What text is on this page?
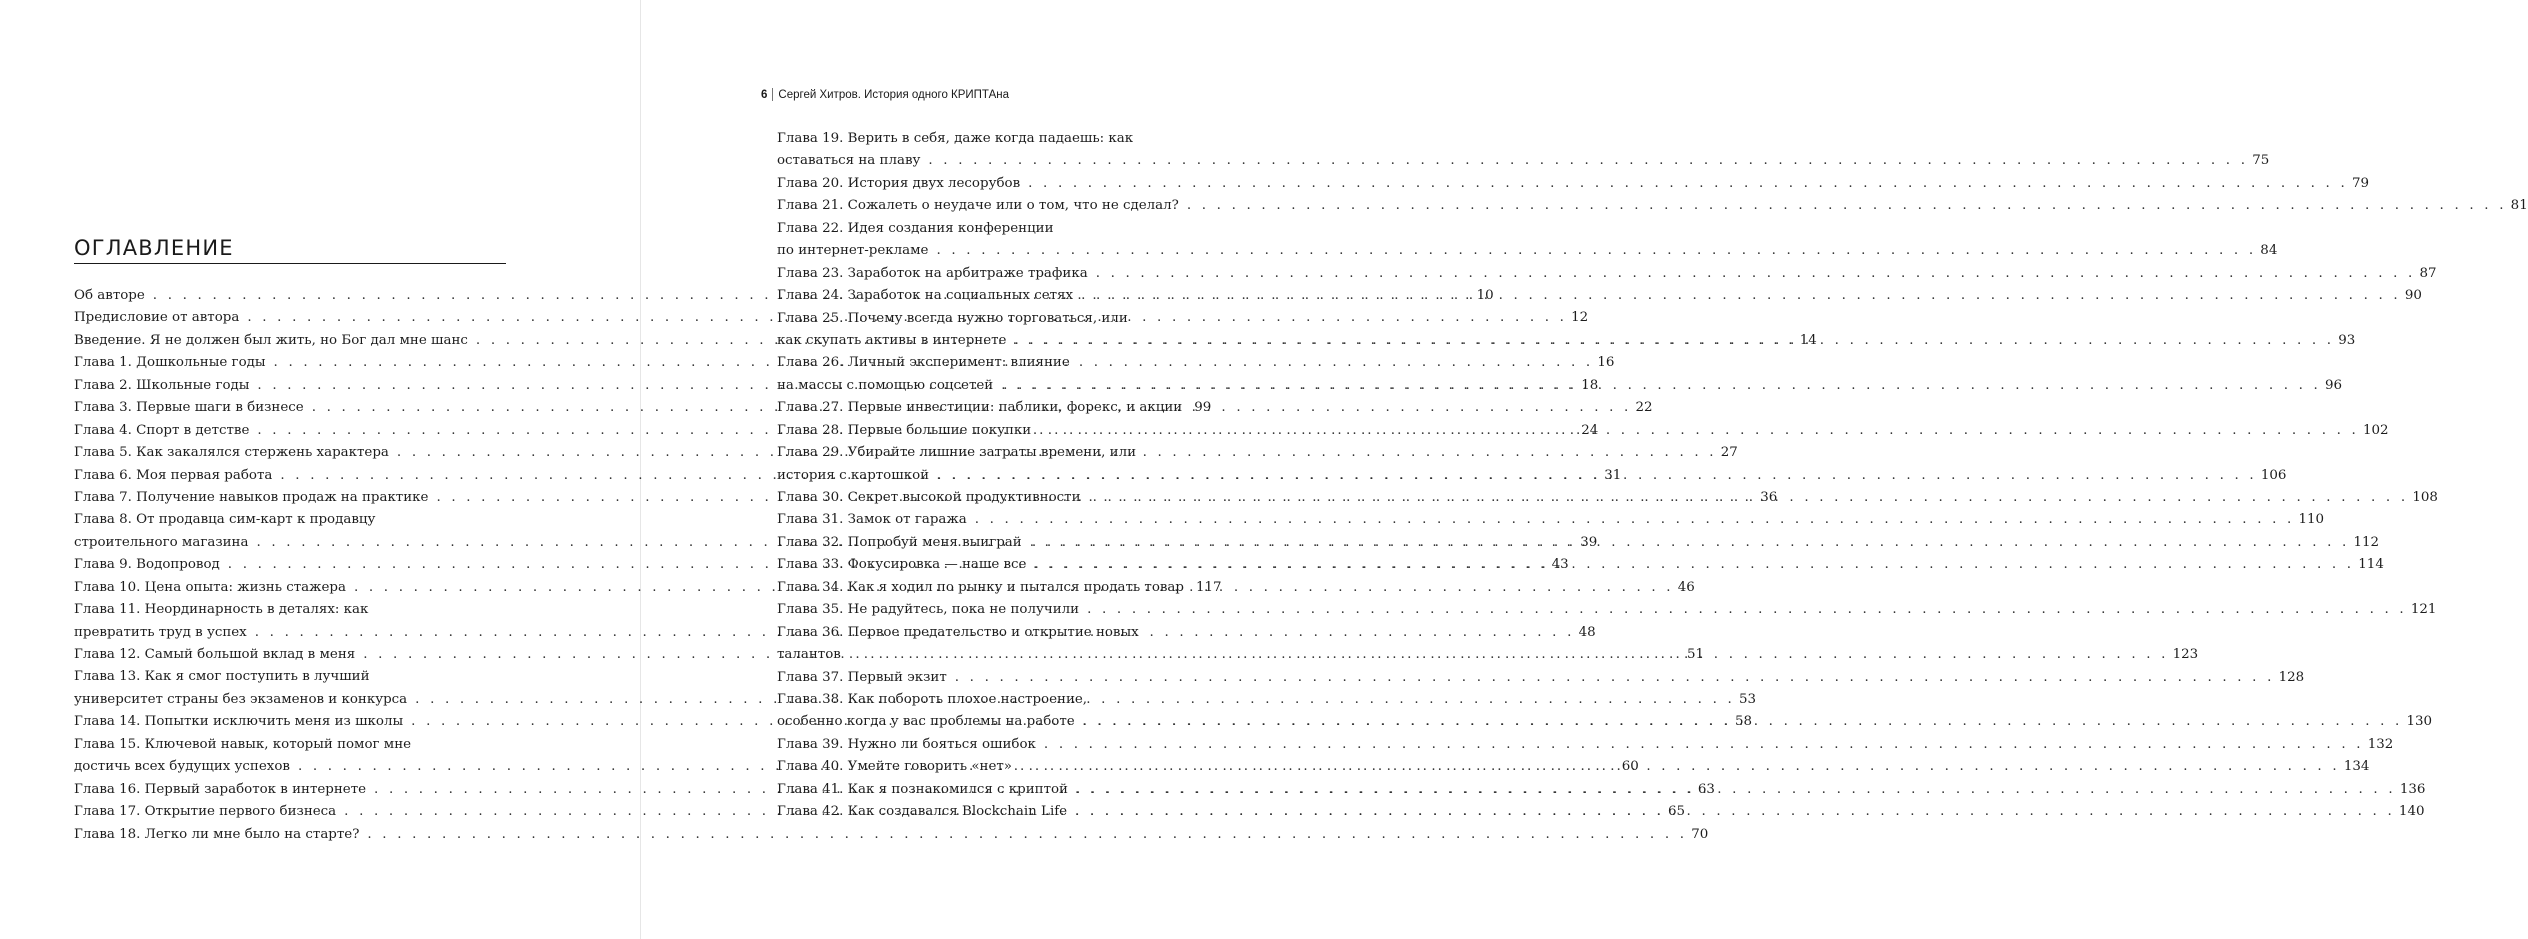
ОГЛАВЛЕНИЕ
6 Сергей Хитров. История одного КРИПТАна
Об авторе . . .	10
Предисловие от автора . . .	12
Введение. Я не должен был жить, но Бог дал мне шанс . . .	14
Глава 1. Дошкольные годы . . .	16
Глава 2. Школьные годы . . .	18
Глава 3. Первые шаги в бизнесе . . .	22
Глава 4. Спорт в детстве . . .	24
Глава 5. Как закалялся стержень характера . . .	27
Глава 6. Моя первая работа . . .	31
Глава 7. Получение навыков продаж на практике . . .	36
Глава 8. От продавца сим-карт к продавцу
строительного магазина . . .	39
Глава 9. Водопровод . . .	43
Глава 10. Цена опыта: жизнь стажера . . .	46
Глава 11. Неординарность в деталях: как
превратить труд в успех . . .	48
Глава 12. Самый большой вклад в меня . . .	51
Глава 13. Как я смог поступить в лучший
университет страны без экзаменов и конкурса . . .	53
Глава 14. Попытки исключить меня из школы . . .	58
Глава 15. Ключевой навык, который помог мне
достичь всех будущих успехов . . .	60
Глава 16. Первый заработок в интернете . . .	63
Глава 17. Открытие первого бизнеса . . .	65
Глава 18. Легко ли мне было на старте? . . .	70
Глава 19. Верить в себя, даже когда падаешь: как
оставаться на плаву . . .	75
Глава 20. История двух лесорубов . . .	79
Глава 21. Сожалеть о неудаче или о том, что не сделал? . . .	81
Глава 22. Идея создания конференции
по интернет-рекламе . . .	84
Глава 23. Заработок на арбитраже трафика . . .	87
Глава 24. Заработок на социальных сетях . . .	90
Глава 25. Почему всегда нужно торговаться, или
как скупать активы в интернете . . .	93
Глава 26. Личный эксперимент: влияние
на массы с помощью соцсетей . . .	96
Глава 27. Первые инвестиции: паблики, форекс, и акции 99
Глава 28. Первые большие покупки . . .	102
Глава 29. Убирайте лишние затраты времени, или
история с картошкой . . .	106
Глава 30. Секрет высокой продуктивности . . .	108
Глава 31. Замок от гаража . . .	110
Глава 32. Попробуй меня выиграй . . .	112
Глава 33. Фокусировка — наше все . . .	114
Глава 34. Как я ходил по рынку и пытался продать товар 117
Глава 35. Не радуйтесь, пока не получили . . .	121
Глава 36. Первое предательство и открытие новых
талантов . . .	123
Глава 37. Первый экзит . . .	128
Глава 38. Как побороть плохое настроение,
особенно когда у вас проблемы на работе . . .	130
Глава 39. Нужно ли бояться ошибок . . .	132
Глава 40. Умейте говорить «нет» . . .	134
Глава 41. Как я познакомился с криптой . . .	136
Глава 42. Как создавался Blockchain Life . . .	140
